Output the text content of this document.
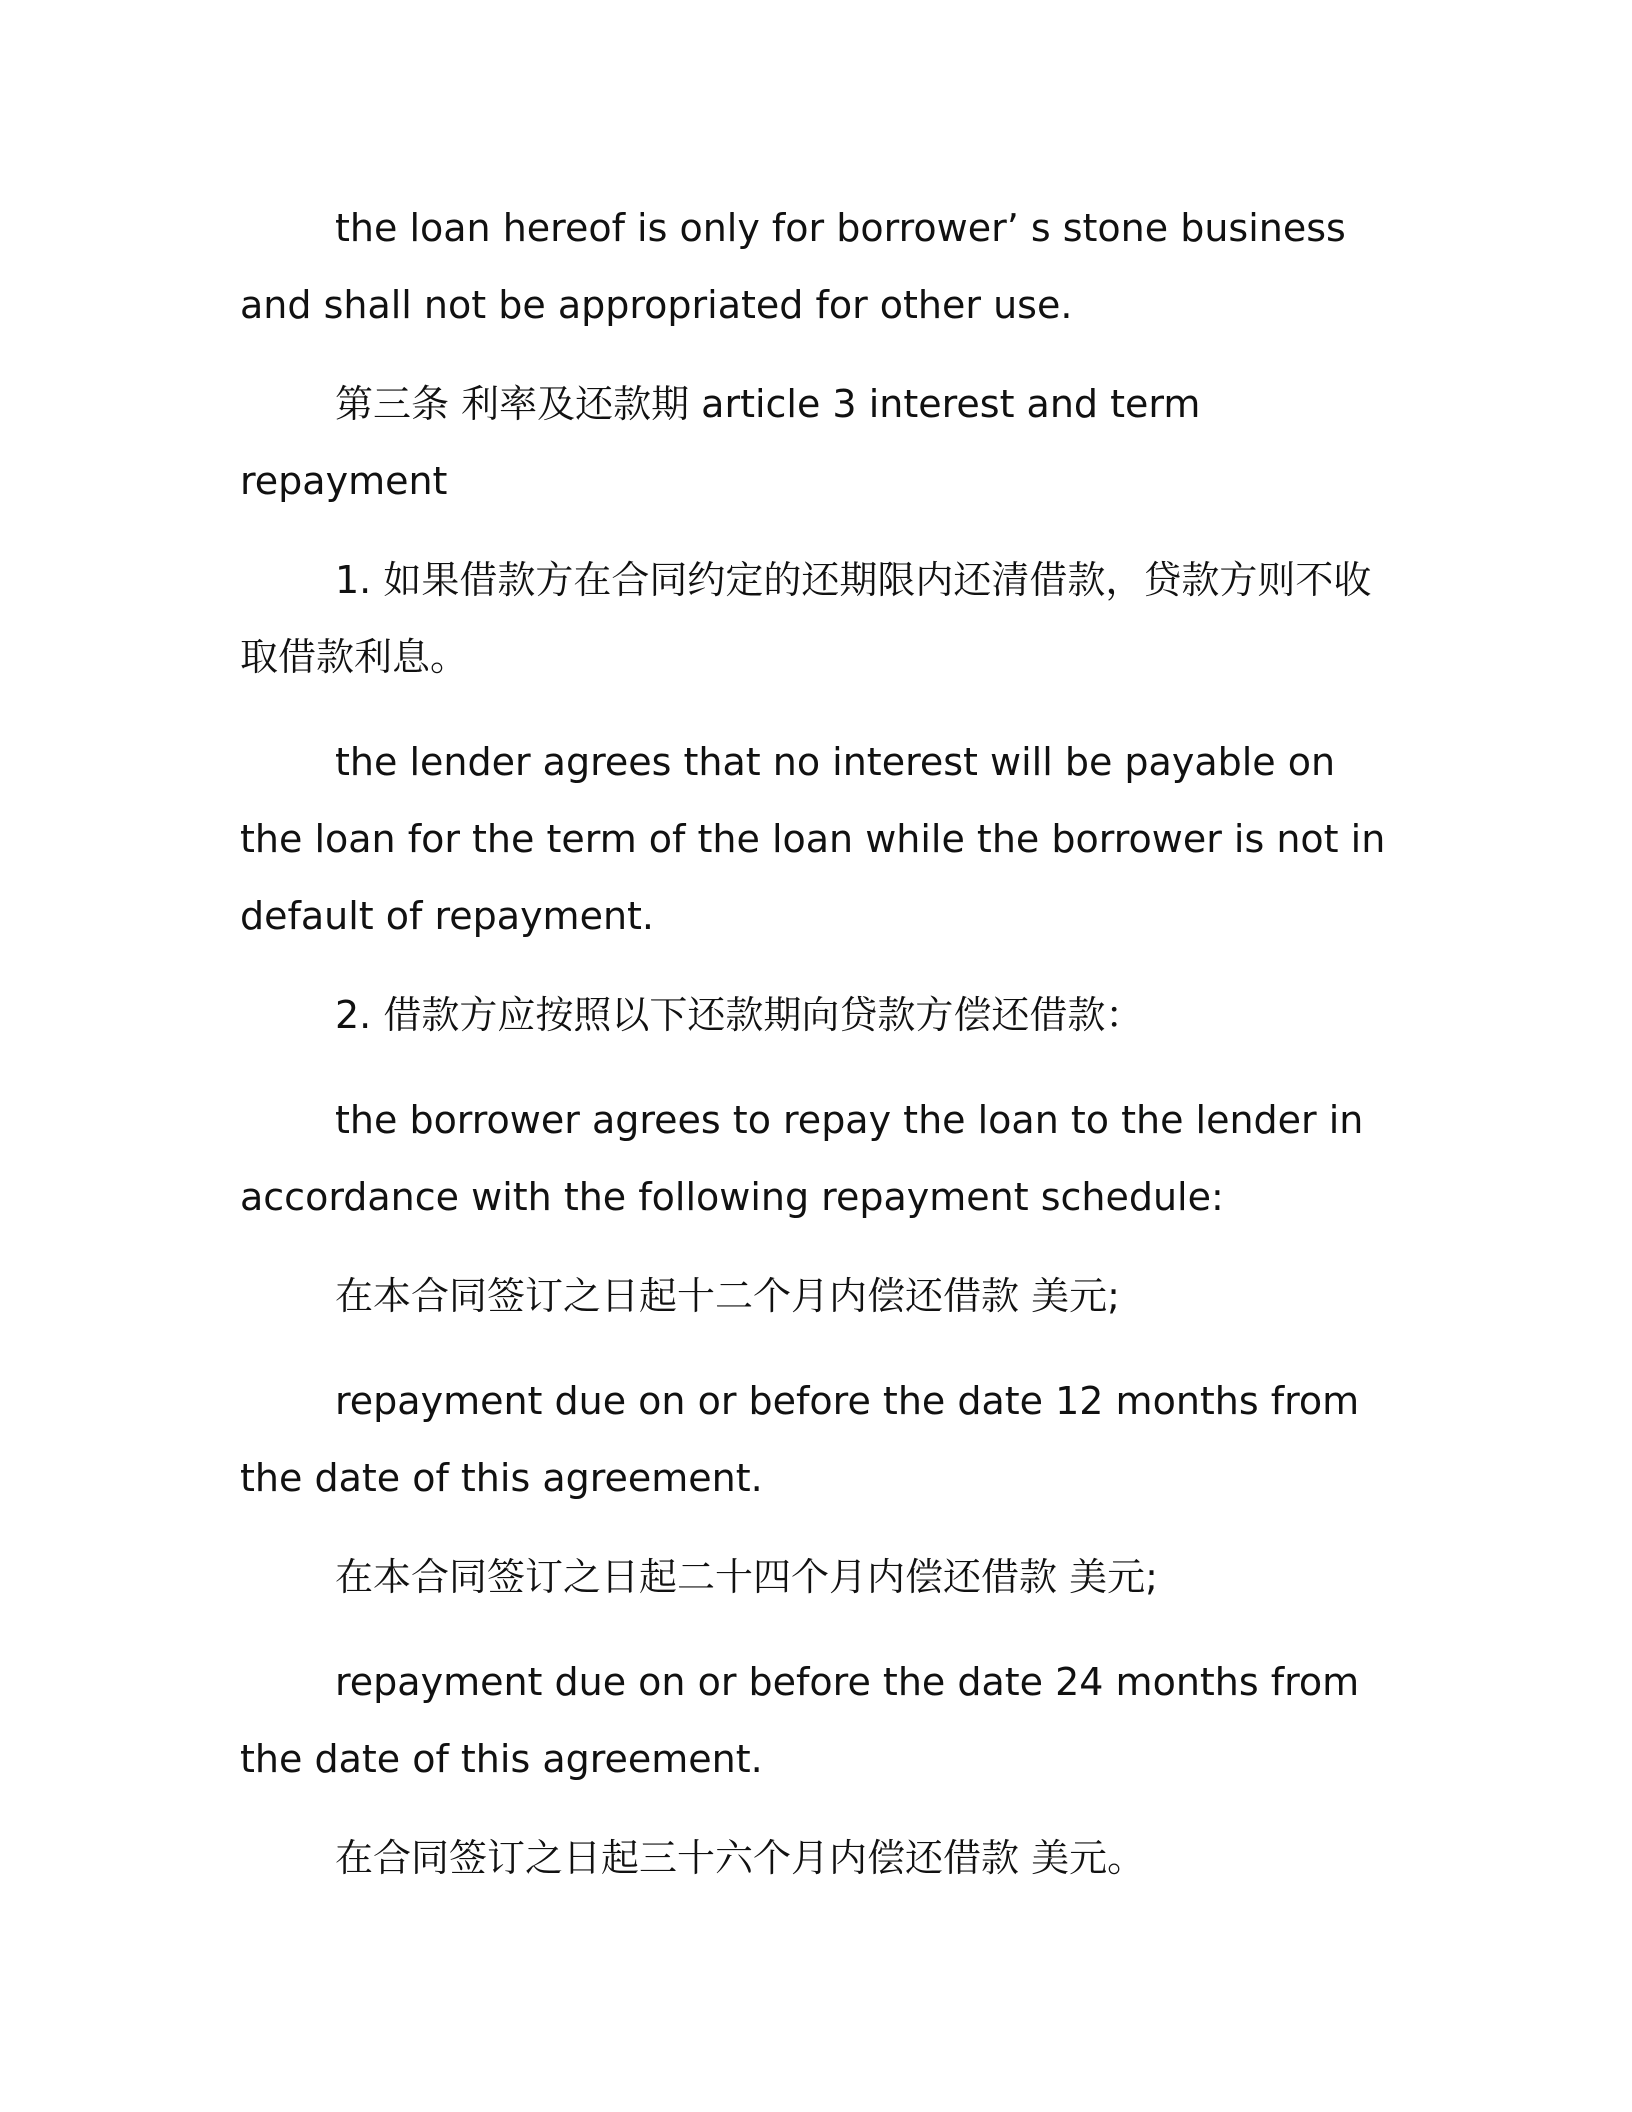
the loan hereof is only for borrower’ s stone business and shall not be appropriated for other use.

第三条 利率及还款期 article 3 interest and term repayment

1. 如果借款方在合同约定的还期限内还清借款，贷款方则不收取借款利息。

the lender agrees that no interest will be payable on the loan for the term of the loan while the borrower is not in default of repayment.

2. 借款方应按照以下还款期向贷款方偿还借款：

the borrower agrees to repay the loan to the lender in accordance with the following repayment schedule:

在本合同签订之日起十二个月内偿还借款 美元;

repayment due on or before the date 12 months from the date of this agreement.

在本合同签订之日起二十四个月内偿还借款 美元;

repayment due on or before the date 24 months from the date of this agreement.

在合同签订之日起三十六个月内偿还借款 美元。
